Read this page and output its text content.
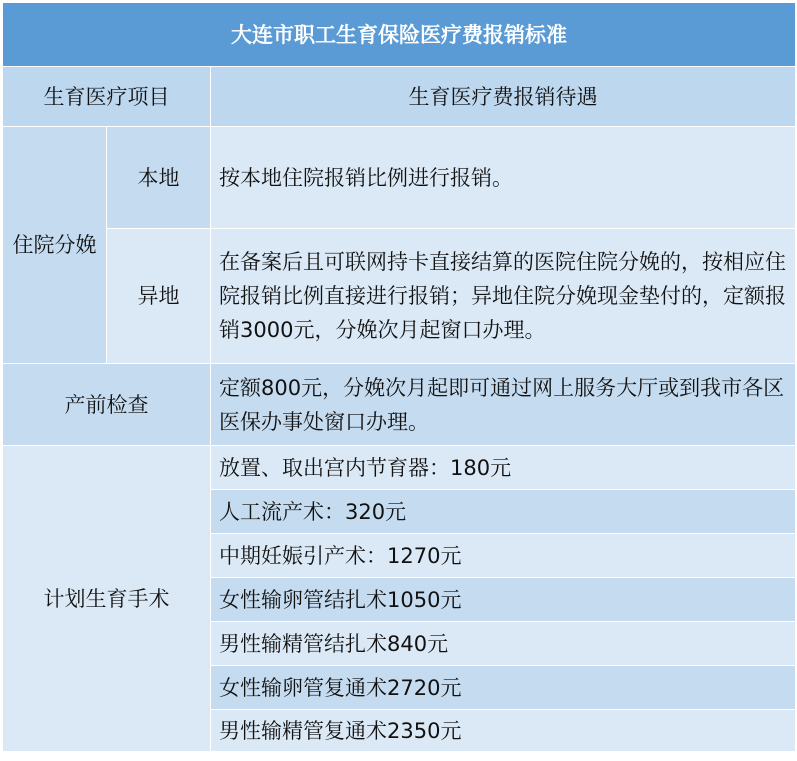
大连市职工生育保险医疗费报销标准		
生育医疗项目		生育医疗费报销待遇
住院分娩	本地	按本地住院报销比例进行报销。
	异地	在备案后且可联网持卡直接结算的医院住院分娩的，按相应住院报销比例直接进行报销；异地住院分娩现金垫付的，定额报销3000元，分娩次月起窗口办理。
产前检查		定额800元，分娩次月起即可通过网上服务大厅或到我市各区医保办事处窗口办理。
计划生育手术		放置、取出宫内节育器：180元
		人工流产术：320元
		中期妊娠引产术：1270元
		女性输卵管结扎术1050元
		男性输精管结扎术840元
		女性输卵管复通术2720元
		男性输精管复通术2350元
